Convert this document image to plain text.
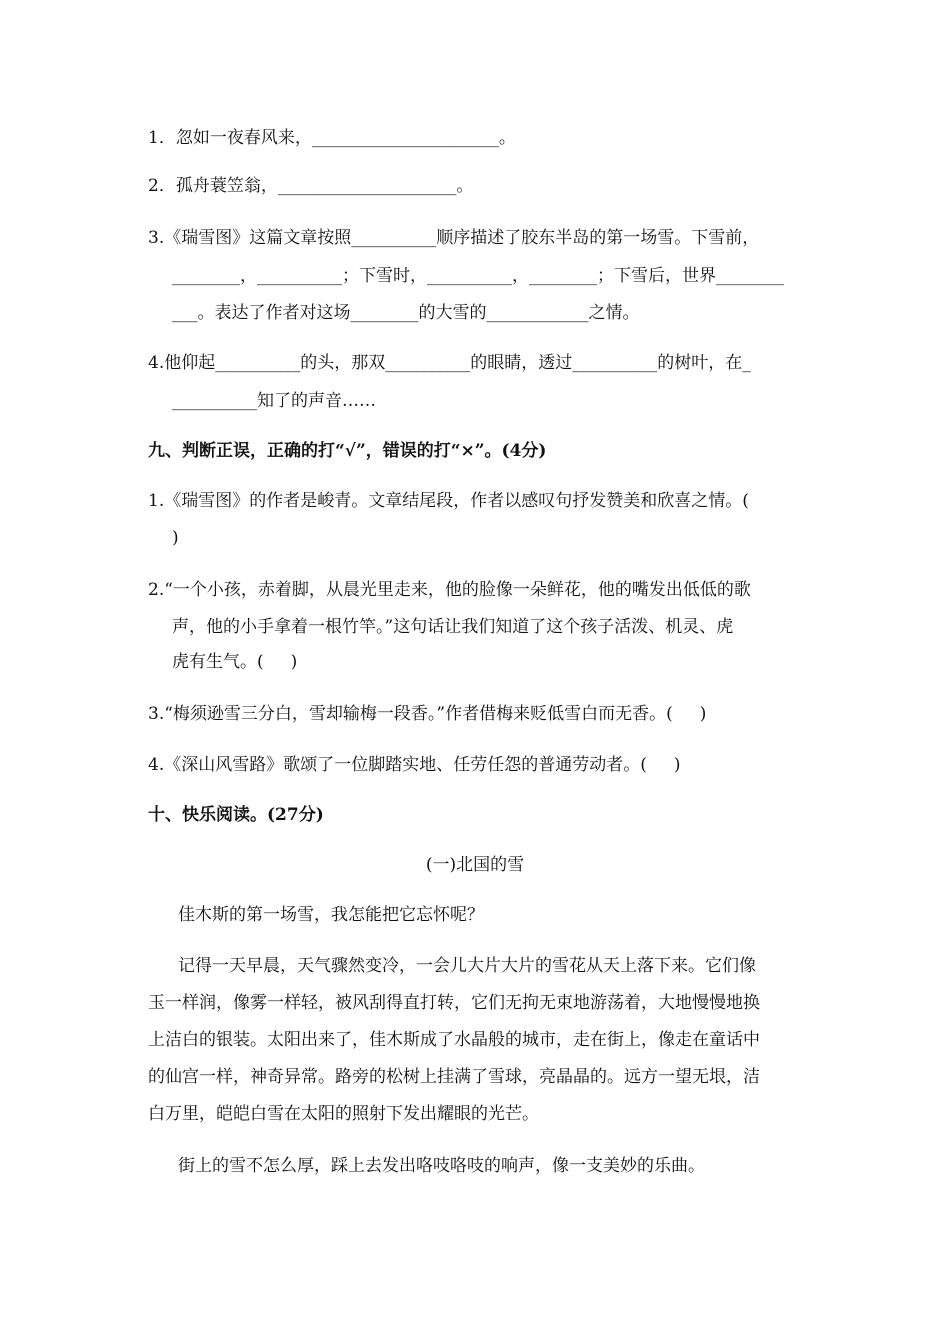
1．忽如一夜春风来，______________________。
2．孤舟蓑笠翁，_____________________。
3.《瑞雪图》这篇文章按照__________顺序描述了胶东半岛的第一场雪。下雪前，
________，__________；下雪时，__________，________；下雪后，世界________
___。表达了作者对这场________的大雪的____________之情。
4.他仰起__________的头，那双__________的眼睛，透过__________的树叶，在_
__________知了的声音……
九、判断正误，正确的打“√”，错误的打“×”。(4分)
1.《瑞雪图》的作者是峻青。文章结尾段，作者以感叹句抒发赞美和欣喜之情。(
)
2.“一个小孩，赤着脚，从晨光里走来，他的脸像一朵鲜花，他的嘴发出低低的歌
声，他的小手拿着一根竹竿。”这句话让我们知道了这个孩子活泼、机灵、虎
虎有生气。(     )
3.“梅须逊雪三分白，雪却输梅一段香。”作者借梅来贬低雪白而无香。(     )
4.《深山风雪路》歌颂了一位脚踏实地、任劳任怨的普通劳动者。(     )
十、快乐阅读。(27分)
(一)北国的雪
佳木斯的第一场雪，我怎能把它忘怀呢？
记得一天早晨，天气骤然变冷，一会儿大片大片的雪花从天上落下来。它们像
玉一样润，像雾一样轻，被风刮得直打转，它们无拘无束地游荡着，大地慢慢地换
上洁白的银装。太阳出来了，佳木斯成了水晶般的城市，走在街上，像走在童话中
的仙宫一样，神奇异常。路旁的松树上挂满了雪球，亮晶晶的。远方一望无垠，洁
白万里，皑皑白雪在太阳的照射下发出耀眼的光芒。
街上的雪不怎么厚，踩上去发出咯吱咯吱的响声，像一支美妙的乐曲。
